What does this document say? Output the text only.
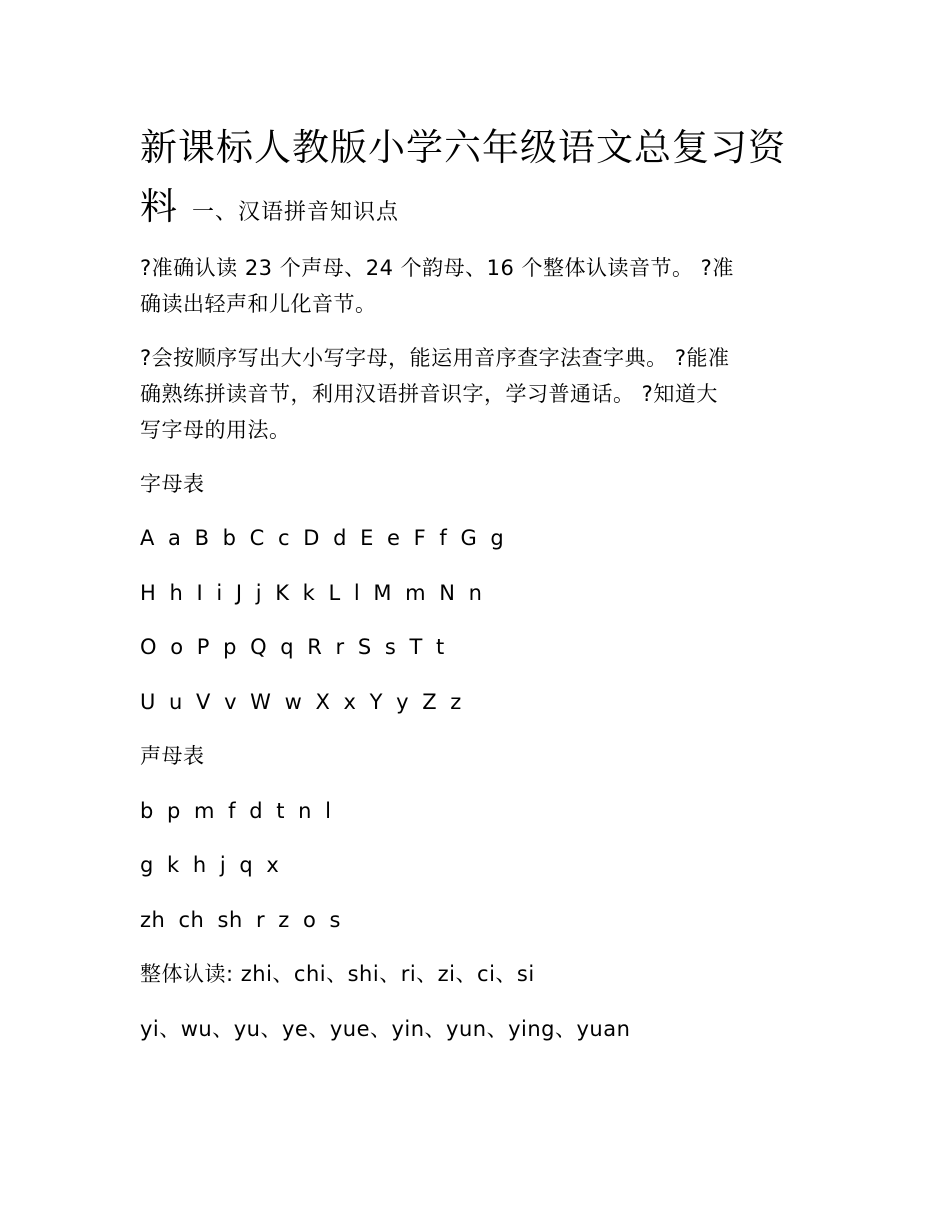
新课标人教版小学六年级语文总复习资
料一、汉语拼音知识点
?准确认读 23 个声母、24 个韵母、16 个整体认读音节。 ?准
确读出轻声和儿化音节。
?会按顺序写出大小写字母，能运用音序查字法查字典。 ?能准
确熟练拼读音节，利用汉语拼音识字，学习普通话。 ?知道大
写字母的用法。
字母表
A a B b C c D d E e F f G g
H h I i J j K k L l M m N n
O o P p Q q R r S s T t
U u V v W w X x Y y Z z
声母表
b p m f d t n l
g k h j q x
zh ch sh r z o s
整体认读: zhi、chi、shi、ri、zi、ci、si
yi、wu、yu、ye、yue、yin、yun、ying、yuan
